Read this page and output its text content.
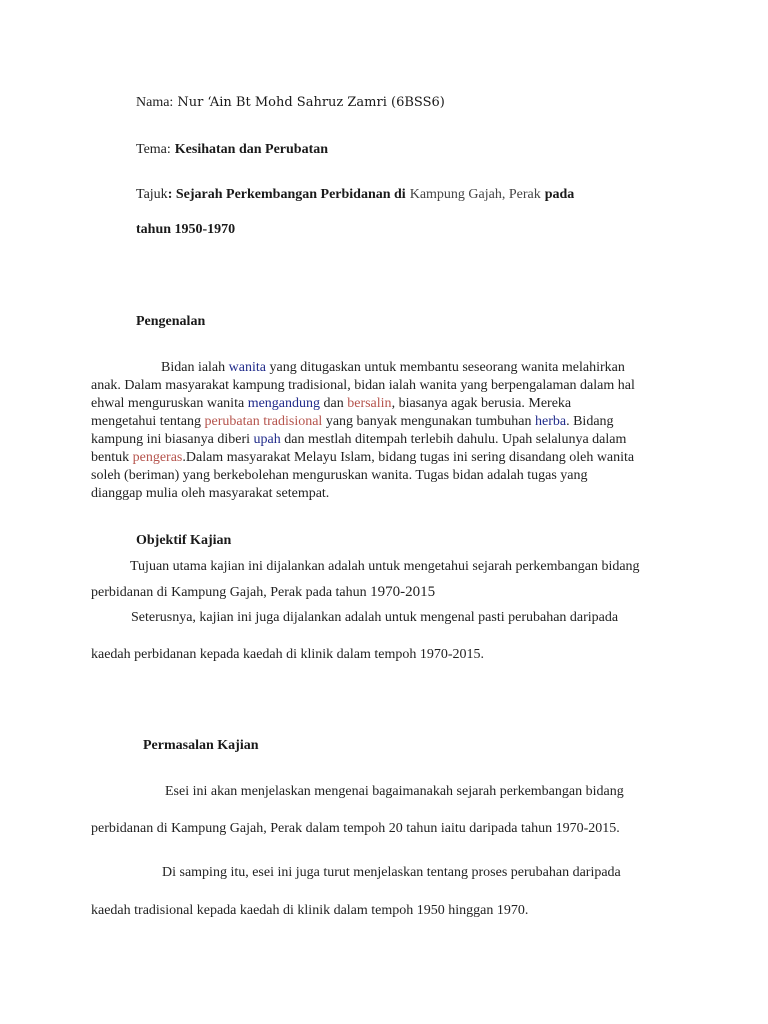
Nama: Nur ‘Ain Bt Mohd Sahruz Zamri (6BSS6)
Tema: Kesihatan dan Perubatan
Tajuk: Sejarah Perkembangan Perbidanan di Kampung Gajah, Perak pada
tahun 1950-1970
Pengenalan
Bidan ialah wanita yang ditugaskan untuk membantu seseorang wanita melahirkan
anak. Dalam masyarakat kampung tradisional, bidan ialah wanita yang berpengalaman dalam hal
ehwal menguruskan wanita mengandung dan bersalin, biasanya agak berusia. Mereka
mengetahui tentang perubatan tradisional yang banyak mengunakan tumbuhan herba. Bidang
kampung ini biasanya diberi upah dan mestlah ditempah terlebih dahulu. Upah selalunya dalam
bentuk pengeras.Dalam masyarakat Melayu Islam, bidang tugas ini sering disandang oleh wanita
soleh (beriman) yang berkebolehan menguruskan wanita. Tugas bidan adalah tugas yang
dianggap mulia oleh masyarakat setempat.
Objektif Kajian
Tujuan utama kajian ini dijalankan adalah untuk mengetahui sejarah perkembangan bidang
perbidanan di Kampung Gajah, Perak pada tahun 1970-2015
Seterusnya, kajian ini juga dijalankan adalah untuk mengenal pasti perubahan daripada
kaedah perbidanan kepada kaedah di klinik dalam tempoh 1970-2015.
Permasalan Kajian
Esei ini akan menjelaskan mengenai bagaimanakah sejarah perkembangan bidang
perbidanan di Kampung Gajah, Perak dalam tempoh 20 tahun iaitu daripada tahun 1970-2015.
Di samping itu, esei ini juga turut menjelaskan tentang proses perubahan daripada
kaedah tradisional kepada kaedah di klinik dalam tempoh 1950 hinggan 1970.
